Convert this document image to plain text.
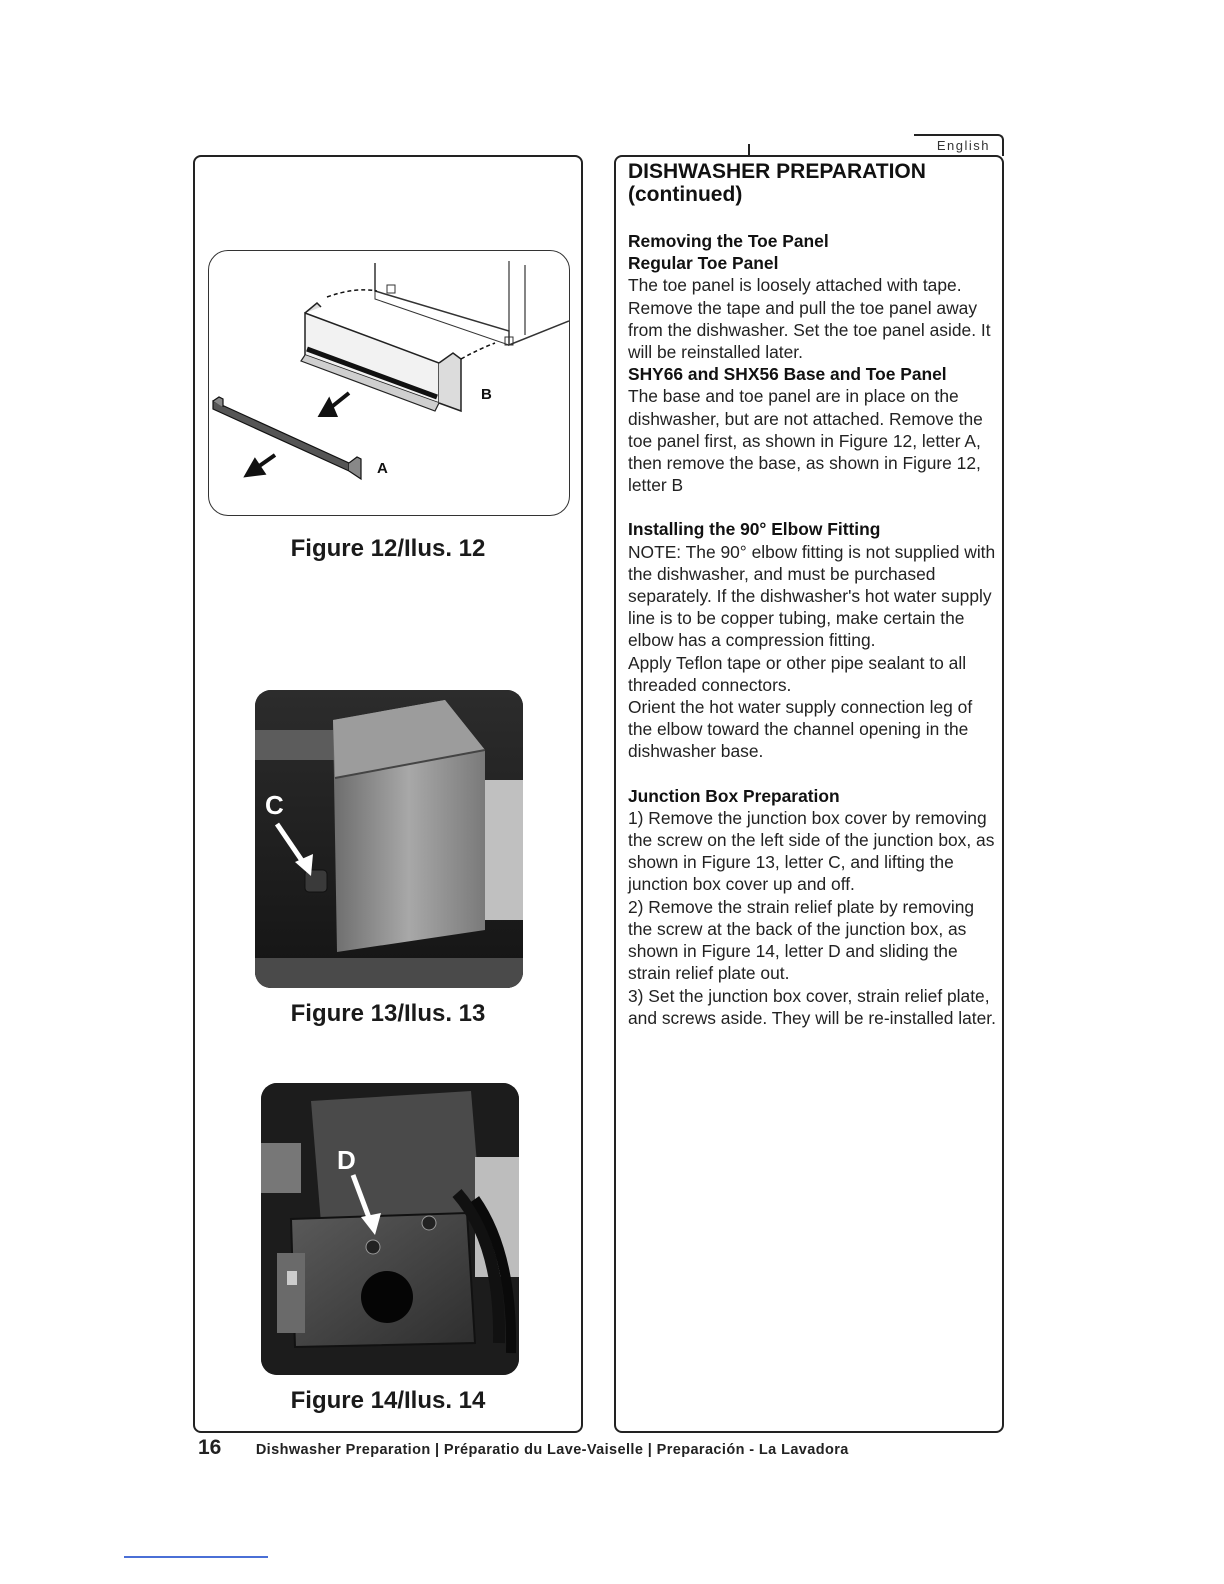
English
B
A
Figure 12/Ilus. 12
C
Figure 13/Ilus. 13
D
Figure 14/Ilus. 14
DISHWASHER PREPARATION
(continued)
Removing the Toe Panel
Regular Toe Panel

The toe panel is loosely attached with tape. Remove the tape and pull the toe panel away from the dishwasher. Set the toe panel aside. It will be reinstalled later.

SHY66 and SHX56 Base and Toe Panel

The base and toe panel are in place on the dishwasher, but are not attached. Remove the toe panel first, as shown in Figure 12, letter A, then remove the base, as shown in Figure 12, letter B

Installing the 90° Elbow Fitting

NOTE: The 90° elbow fitting is not supplied with the dishwasher, and must be purchased separately. If the dishwasher's hot water supply line is to be copper tubing, make certain the elbow has a compression fitting.

Apply Teflon tape or other pipe sealant to all threaded connectors.

Orient the hot water supply connection leg of the elbow toward the channel opening in the dishwasher base.

Junction Box Preparation

1) Remove the junction box cover by removing the screw on the left side of the junction box, as shown in Figure 13, letter C, and lifting the junction box cover up and off.

2) Remove the strain relief plate by removing the screw at the back of the junction box, as shown in Figure 14, letter D and sliding the strain relief plate out.

3) Set the junction box cover, strain relief plate, and screws aside. They will be re-installed later.

16 Dishwasher Preparation | Préparatio du Lave-Vaiselle | Preparación - La Lavadora
